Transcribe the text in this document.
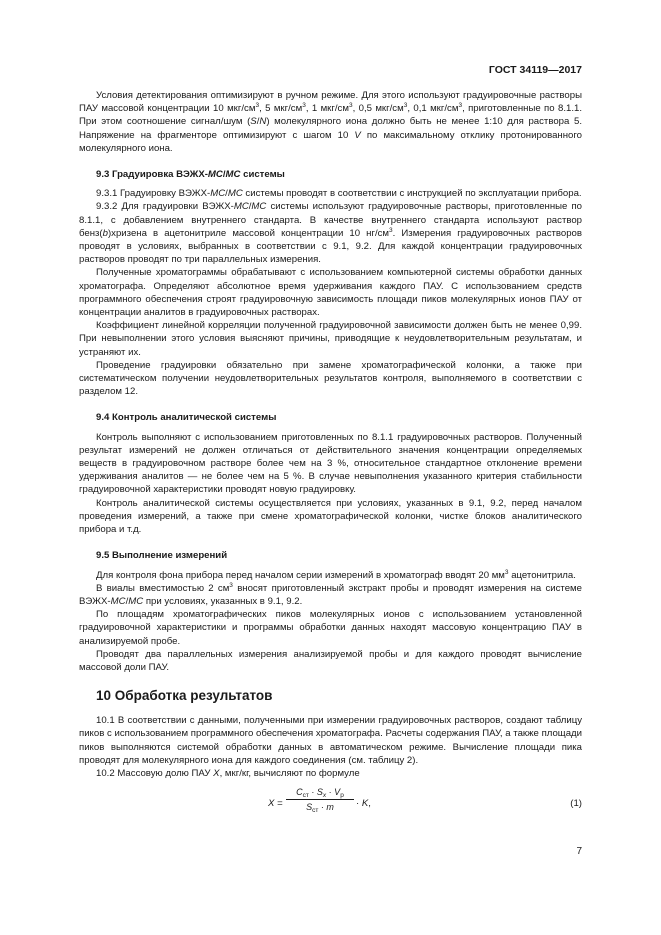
ГОСТ 34119—2017

Условия детектирования оптимизируют в ручном режиме. Для этого используют градуировочные растворы ПАУ массовой концентрации 10 мкг/$см^3$, 5 мкг/$см^3$, 1 мкг/$см^3$, 0,5 мкг/$см^3$, 0,1 мкг/$см^3$, приготовленные по 8.1.1. При этом соотношение сигнал/шум (S/N) молекулярного иона должно быть не менее 1:10 для раствора 5. Напряжение на фрагменторе оптимизируют с шагом 10 V по максимальному отклику протонированного молекулярного иона.

9.3 Градуировка ВЭЖХ-МС/МС системы

9.3.1 Градуировку ВЭЖХ-МС/МС системы проводят в соответствии с инструкцией по эксплуатации прибора.

9.3.2 Для градуировки ВЭЖХ-МС/МС системы используют градуировочные растворы, приготовленные по 8.1.1, с добавлением внутреннего стандарта. В качестве внутреннего стандарта используют раствор бенз(b)хризена в ацетонитриле массовой концентрации 10 $нг/см^3$. Измерения градуировочных растворов проводят в условиях, выбранных в соответствии с 9.1, 9.2. Для каждой концентрации градуировочных растворов проводят по три параллельных измерения.

Полученные хроматограммы обрабатывают с использованием компьютерной системы обработки данных хроматографа. Определяют абсолютное время удерживания каждого ПАУ. С использованием средств программного обеспечения строят градуировочную зависимость площади пиков молекулярных ионов ПАУ от концентрации аналитов в градуировочных растворах.

Коэффициент линейной корреляции полученной градуировочной зависимости должен быть не менее 0,99. При невыполнении этого условия выясняют причины, приводящие к неудовлетворительным результатам, и устраняют их.

Проведение градуировки обязательно при замене хроматографической колонки, а также при систематическом получении неудовлетворительных результатов контроля, выполняемого в соответствии с разделом 12.

9.4 Контроль аналитической системы

Контроль выполняют с использованием приготовленных по 8.1.1 градуировочных растворов. Полученный результат измерений не должен отличаться от действительного значения концентрации определяемых веществ в градуировочном растворе более чем на 3 %, относительное стандартное отклонение времени удерживания аналитов — не более чем на 5 %. В случае невыполнения указанного критерия стабильности градуировочной характеристики проводят новую градуировку.

Контроль аналитической системы осуществляется при условиях, указанных в 9.1, 9.2, перед началом проведения измерений, а также при смене хроматографической колонки, чистке блоков аналитического прибора и т.д.

9.5 Выполнение измерений

Для контроля фона прибора перед началом серии измерений в хроматограф вводят 20 $мм^3$ ацетонитрила.

В виалы вместимостью 2 $см^3$ вносят приготовленный экстракт пробы и проводят измерения на системе ВЭЖХ-МС/МС при условиях, указанных в 9.1, 9.2.

По площадям хроматографических пиков молекулярных ионов с использованием установленной градуировочной характеристики и программы обработки данных находят массовую концентрацию ПАУ в анализируемой пробе.

Проводят два параллельных измерения анализируемой пробы и для каждого проводят вычисление массовой доли ПАУ.

10 Обработка результатов

10.1 В соответствии с данными, полученными при измерении градуировочных растворов, создают таблицу пиков с использованием программного обеспечения хроматографа. Расчеты содержания ПАУ, а также площади пиков выполняются системой обработки данных в автоматическом режиме. Вычисление площади пика проводят для молекулярного иона для каждого соединения (см. таблицу 2).

10.2 Массовую долю ПАУ X, мкг/кг, вычисляют по формуле

X =
$C_{ст} \cdot S_x \cdot V_р$
$S_{ст} \cdot m$	· K,	(1)
7
